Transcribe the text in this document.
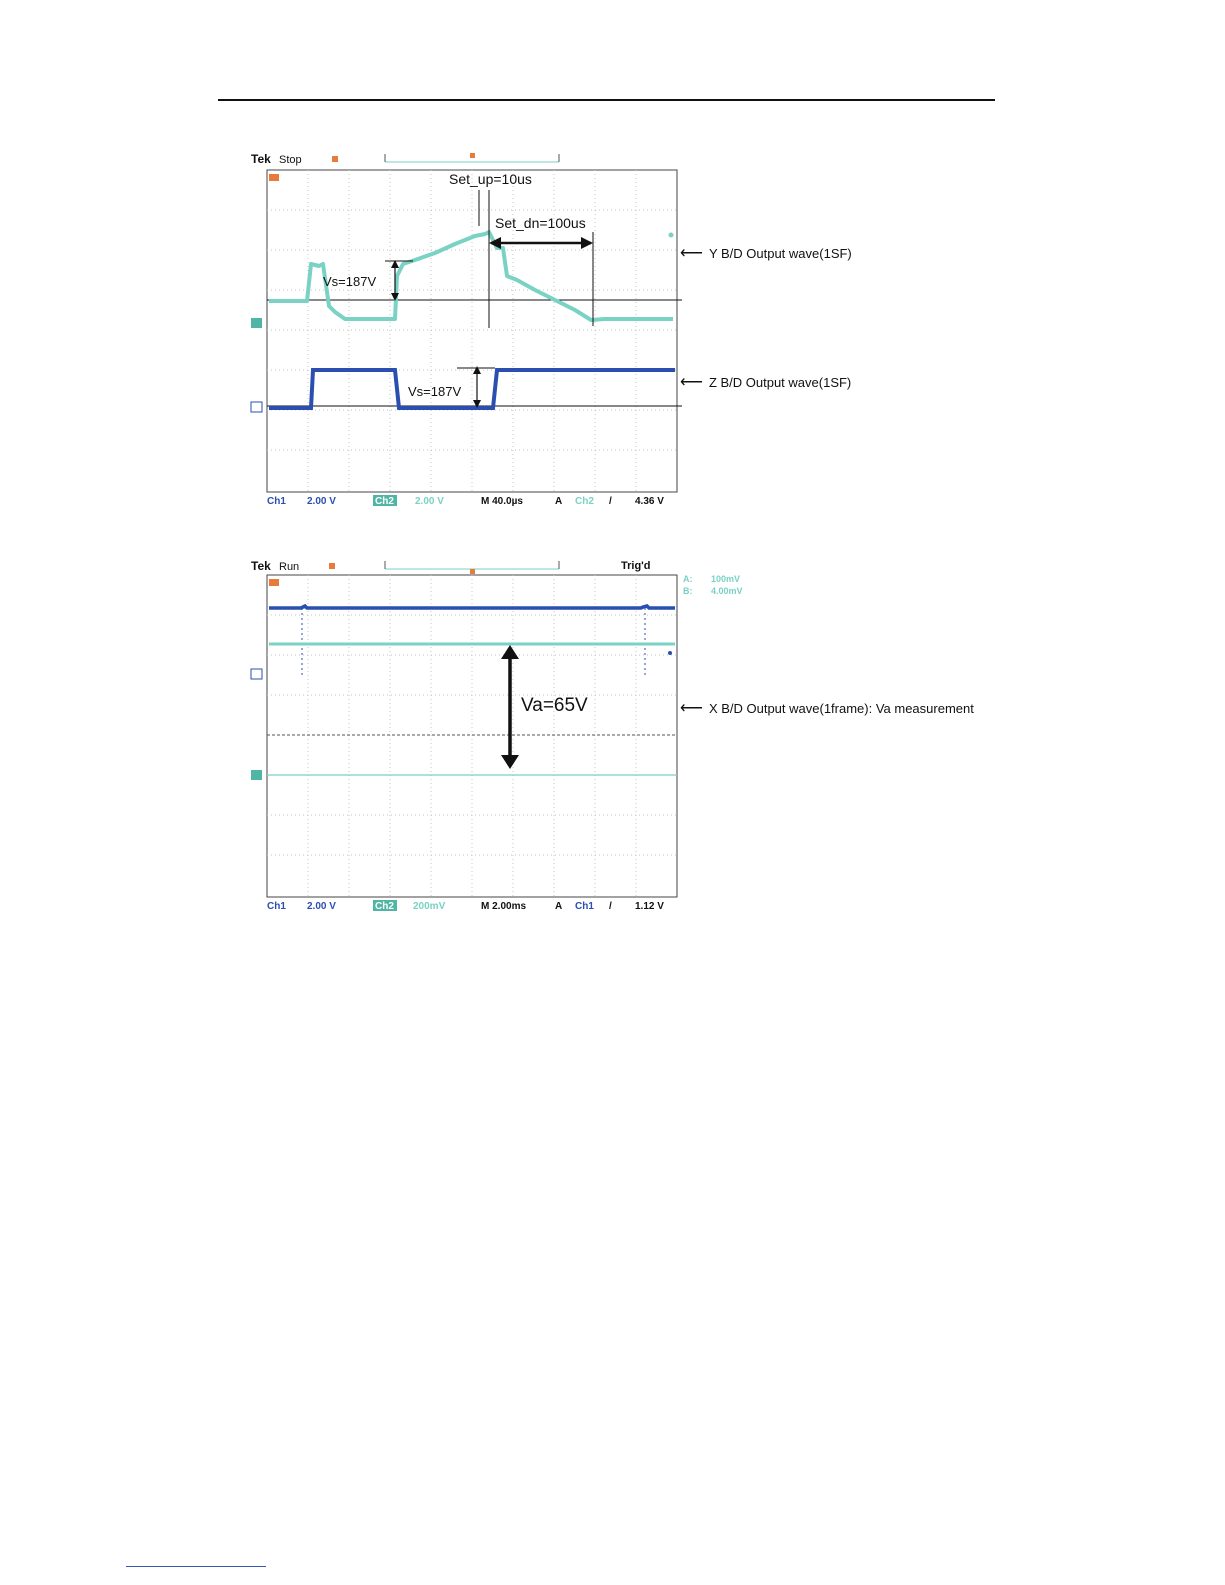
Tek Stop
Set_up=10us
Set_dn=100us
Vs=187V
Vs=187V
Ch1 2.00 V	Ch2 2.00 V	M 40.0µs	A Ch2 / 4.36 V
⟵ Y B/D Output wave(1SF)
⟵ Z B/D Output wave(1SF)
Tek Run	Trig'd
A: 100mV
B: 4.00mV
Va=65V
Ch1 2.00 V	Ch2 200mV	M 2.00ms	A Ch1 / 1.12 V
⟵ X B/D Output wave(1frame): Va measurement
